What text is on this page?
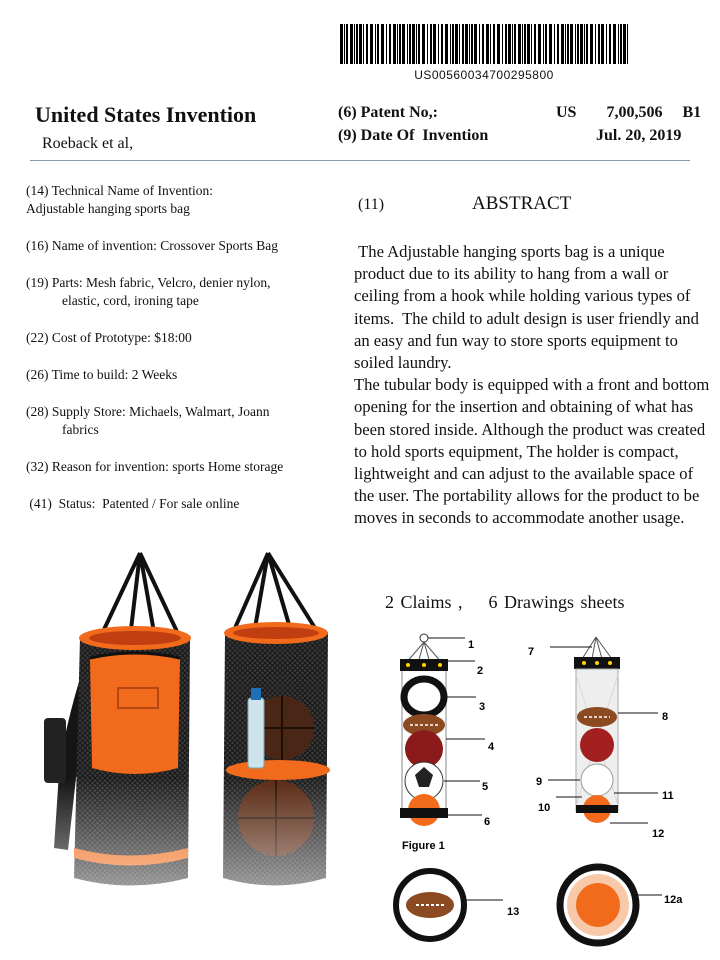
US00560034700295800
United States Invention
Roeback et al,
(6) Patent No,:	US   7,00,506  B1
(9) Date Of  Invention	Jul. 20, 2019
(14) Technical Name of Invention:
Adjustable hanging sports bag
(16) Name of invention: Crossover Sports Bag
(19) Parts: Mesh fabric, Velcro, denier nylon,
elastic, cord, ironing tape
(22) Cost of Prototype: $18:00
(26) Time to build: 2 Weeks
(28) Supply Store: Michaels, Walmart, Joann
fabrics
(32) Reason for invention: sports Home storage
(41)  Status:  Patented / For sale online
(11)	ABSTRACT

The Adjustable hanging sports bag is a unique product due to its ability to hang from a wall or ceiling from a hook while holding various types of items.  The child to adult design is user friendly and an easy and fun way to store sports equipment to soiled laundry.

The tubular body is equipped with a front and bottom opening for the insertion and obtaining of what has been stored inside. Although the product was created to hold sports equipment, The holder is compact, lightweight and can adjust to the available space of the user. The portability allows for the product to be moves in seconds to accommodate another usage.

2 Claims ,    6 Drawings sheets
Figure 1
1
2
3
4
5
6
7
8
9
10
11
12
13
12a
